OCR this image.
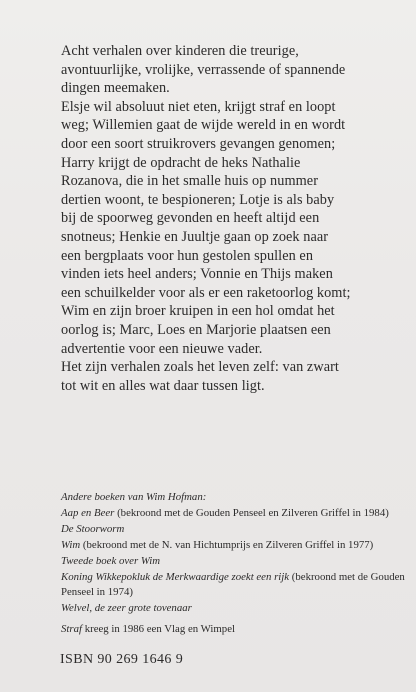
Acht verhalen over kinderen die treurige,
avontuurlijke, vrolijke, verrassende of spannende
dingen meemaken.

Elsje wil absoluut niet eten, krijgt straf en loopt
weg; Willemien gaat de wijde wereld in en wordt
door een soort struikrovers gevangen genomen;
Harry krijgt de opdracht de heks Nathalie
Rozanova, die in het smalle huis op nummer
dertien woont, te bespioneren; Lotje is als baby
bij de spoorweg gevonden en heeft altijd een
snotneus; Henkie en Juultje gaan op zoek naar
een bergplaats voor hun gestolen spullen en
vinden iets heel anders; Vonnie en Thijs maken
een schuilkelder voor als er een raketoorlog komt;
Wim en zijn broer kruipen in een hol omdat het
oorlog is; Marc, Loes en Marjorie plaatsen een
advertentie voor een nieuwe vader.

Het zijn verhalen zoals het leven zelf: van zwart
tot wit en alles wat daar tussen ligt.

Andere boeken van Wim Hofman:
Aap en Beer (bekroond met de Gouden Penseel en Zilveren Griffel in 1984)
De Stoorworm
Wim (bekroond met de N. van Hichtumprijs en Zilveren Griffel in 1977)
Tweede boek over Wim
Koning Wikkepokluk de Merkwaardige zoekt een rijk (bekroond met de Gouden Penseel in 1974)
Welvel, de zeer grote tovenaar
Straf kreeg in 1986 een Vlag en Wimpel
ISBN 90 269 1646 9
